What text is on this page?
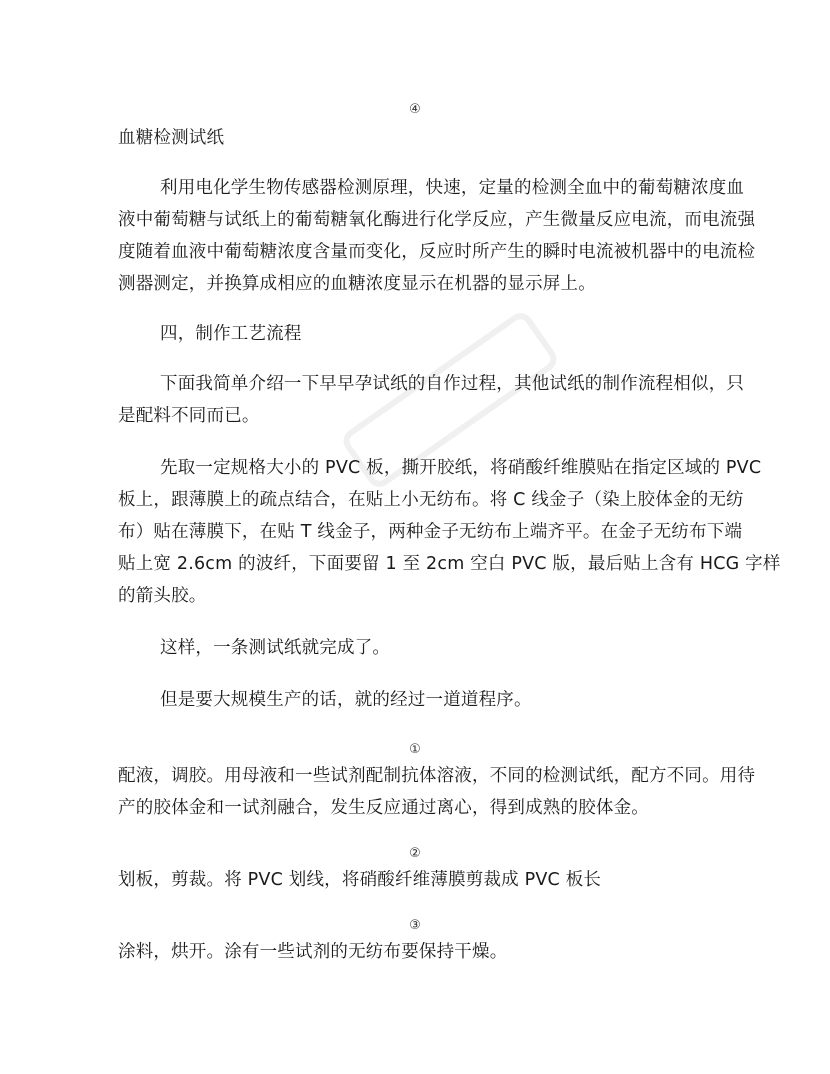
④
血糖检测试纸
利用电化学生物传感器检测原理，快速，定量的检测全血中的葡萄糖浓度血
液中葡萄糖与试纸上的葡萄糖氧化酶进行化学反应，产生微量反应电流，而电流强
度随着血液中葡萄糖浓度含量而变化，反应时所产生的瞬时电流被机器中的电流检
测器测定，并换算成相应的血糖浓度显示在机器的显示屏上。
四，制作工艺流程
下面我简单介绍一下早早孕试纸的自作过程，其他试纸的制作流程相似，只
是配料不同而已。
先取一定规格大小的 PVC 板，撕开胶纸，将硝酸纤维膜贴在指定区域的 PVC
板上，跟薄膜上的疏点结合，在贴上小无纺布。将 C 线金子（染上胶体金的无纺
布）贴在薄膜下，在贴 T 线金子，两种金子无纺布上端齐平。在金子无纺布下端
贴上宽 2.6cm 的波纤，下面要留 1 至 2cm 空白 PVC 版，最后贴上含有 HCG 字样
的箭头胶。
这样，一条测试纸就完成了。
但是要大规模生产的话，就的经过一道道程序。
①
配液，调胶。用母液和一些试剂配制抗体溶液，不同的检测试纸，配方不同。用待
产的胶体金和一试剂融合，发生反应通过离心，得到成熟的胶体金。
②
划板，剪裁。将 PVC 划线，将硝酸纤维薄膜剪裁成 PVC 板长
③
涂料，烘开。涂有一些试剂的无纺布要保持干燥。
